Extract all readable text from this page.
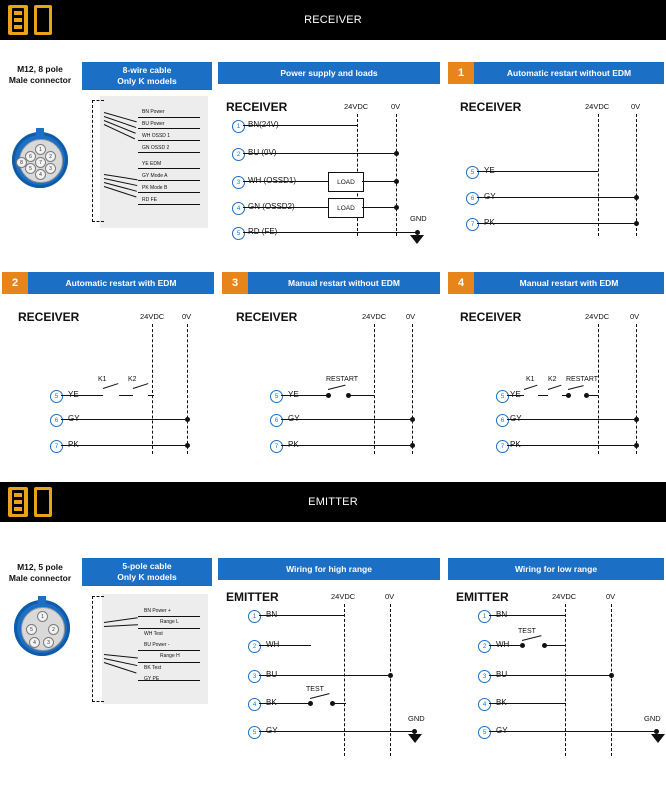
RECEIVER
M12, 8 pole
Male connector
8-wire cable
Only K models
Power supply and loads	1	Automatic restart without EDM
1
2
3
4
5
6
7
8
BN Power
BU Power
WH OSSD 1
GN OSSD 2
YE EDM
GY Mode A
PK Mode B
RD FE
RECEIVER	24VDC	0V
1
2
3	LOAD
4	LOAD
5
GND
RECEIVER	24VDC	0V
5
6
7
2	Automatic restart with EDM	3	Manual restart without EDM	4	Manual restart with EDM
RECEIVER	24VDC 0V
5
K1	K2
6
7
RECEIVER	24VDC	0V
5
RESTART
6
7
RECEIVER	24VDC	0V
5
K1 K2 RESTART
6
7
EMITTER
M12, 5 pole
Male connector
5-pole cable
Only K models
Wiring for high range	Wiring for low range
1
2
3
4
5
BN Power +
Range L
WH Test
BU Power -
Range H
BK Test
GY PE
EMITTER	24VDC	0V
1
2
3
4
TEST
5
GND
EMITTER	24VDC	0V
1
2
TEST
3
4
5
GND
